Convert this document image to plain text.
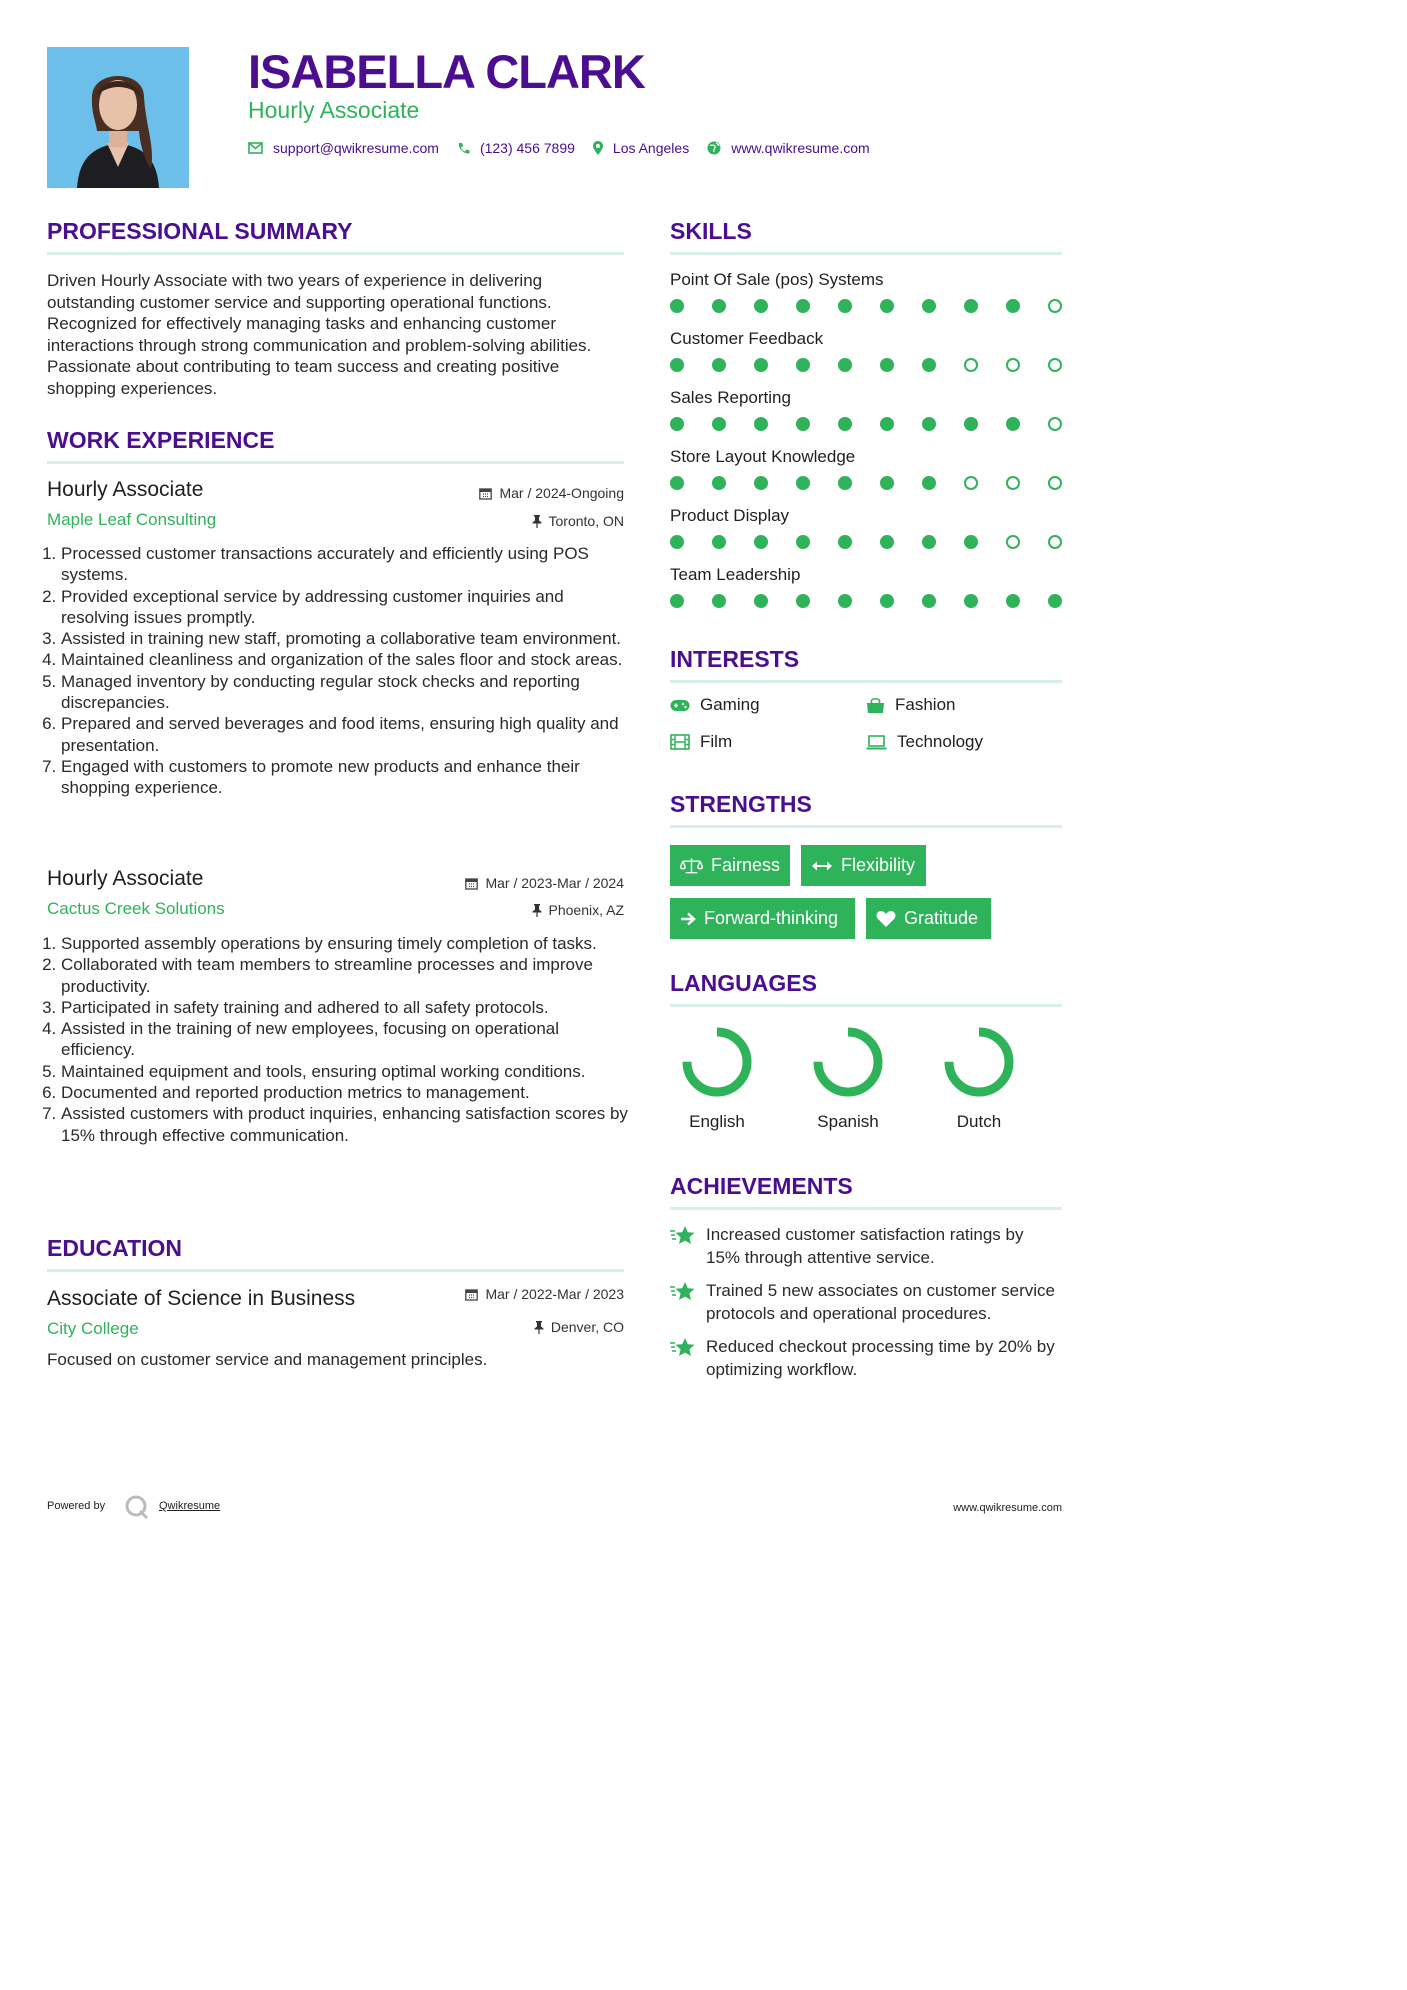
ISABELLA CLARK
Hourly Associate
support@qwikresume.com	(123) 456 7899	Los Angeles	www.qwikresume.com
PROFESSIONAL SUMMARY
Driven Hourly Associate with two years of experience in delivering outstanding customer service and supporting operational functions. Recognized for effectively managing tasks and enhancing customer interactions through strong communication and problem-solving abilities. Passionate about contributing to team success and creating positive shopping experiences.
WORK EXPERIENCE
Hourly Associate	Mar / 2024-Ongoing
Maple Leaf Consulting	Toronto, ON
1. Processed customer transactions accurately and efficiently using POS systems.
2. Provided exceptional service by addressing customer inquiries and resolving issues promptly.
3. Assisted in training new staff, promoting a collaborative team environment.
4. Maintained cleanliness and organization of the sales floor and stock areas.
5. Managed inventory by conducting regular stock checks and reporting discrepancies.
6. Prepared and served beverages and food items, ensuring high quality and presentation.
7. Engaged with customers to promote new products and enhance their shopping experience.
Hourly Associate	Mar / 2023-Mar / 2024
Cactus Creek Solutions	Phoenix, AZ
1. Supported assembly operations by ensuring timely completion of tasks.
2. Collaborated with team members to streamline processes and improve productivity.
3. Participated in safety training and adhered to all safety protocols.
4. Assisted in the training of new employees, focusing on operational efficiency.
5. Maintained equipment and tools, ensuring optimal working conditions.
6. Documented and reported production metrics to management.
7. Assisted customers with product inquiries, enhancing satisfaction scores by 15% through effective communication.
EDUCATION
Associate of Science in Business	Mar / 2022-Mar / 2023
City College	Denver, CO
Focused on customer service and management principles.
SKILLS
Point Of Sale (pos) Systems
Customer Feedback
Sales Reporting
Store Layout Knowledge
Product Display
Team Leadership
INTERESTS
Gaming	Fashion
Film	Technology
STRENGTHS
Fairness	Flexibility
Forward-thinking	Gratitude
LANGUAGES
English	Spanish	Dutch
ACHIEVEMENTS
Increased customer satisfaction ratings by 15% through attentive service.
Trained 5 new associates on customer service protocols and operational procedures.
Reduced checkout processing time by 20% by optimizing workflow.
Powered by	Qwikresume	www.qwikresume.com
